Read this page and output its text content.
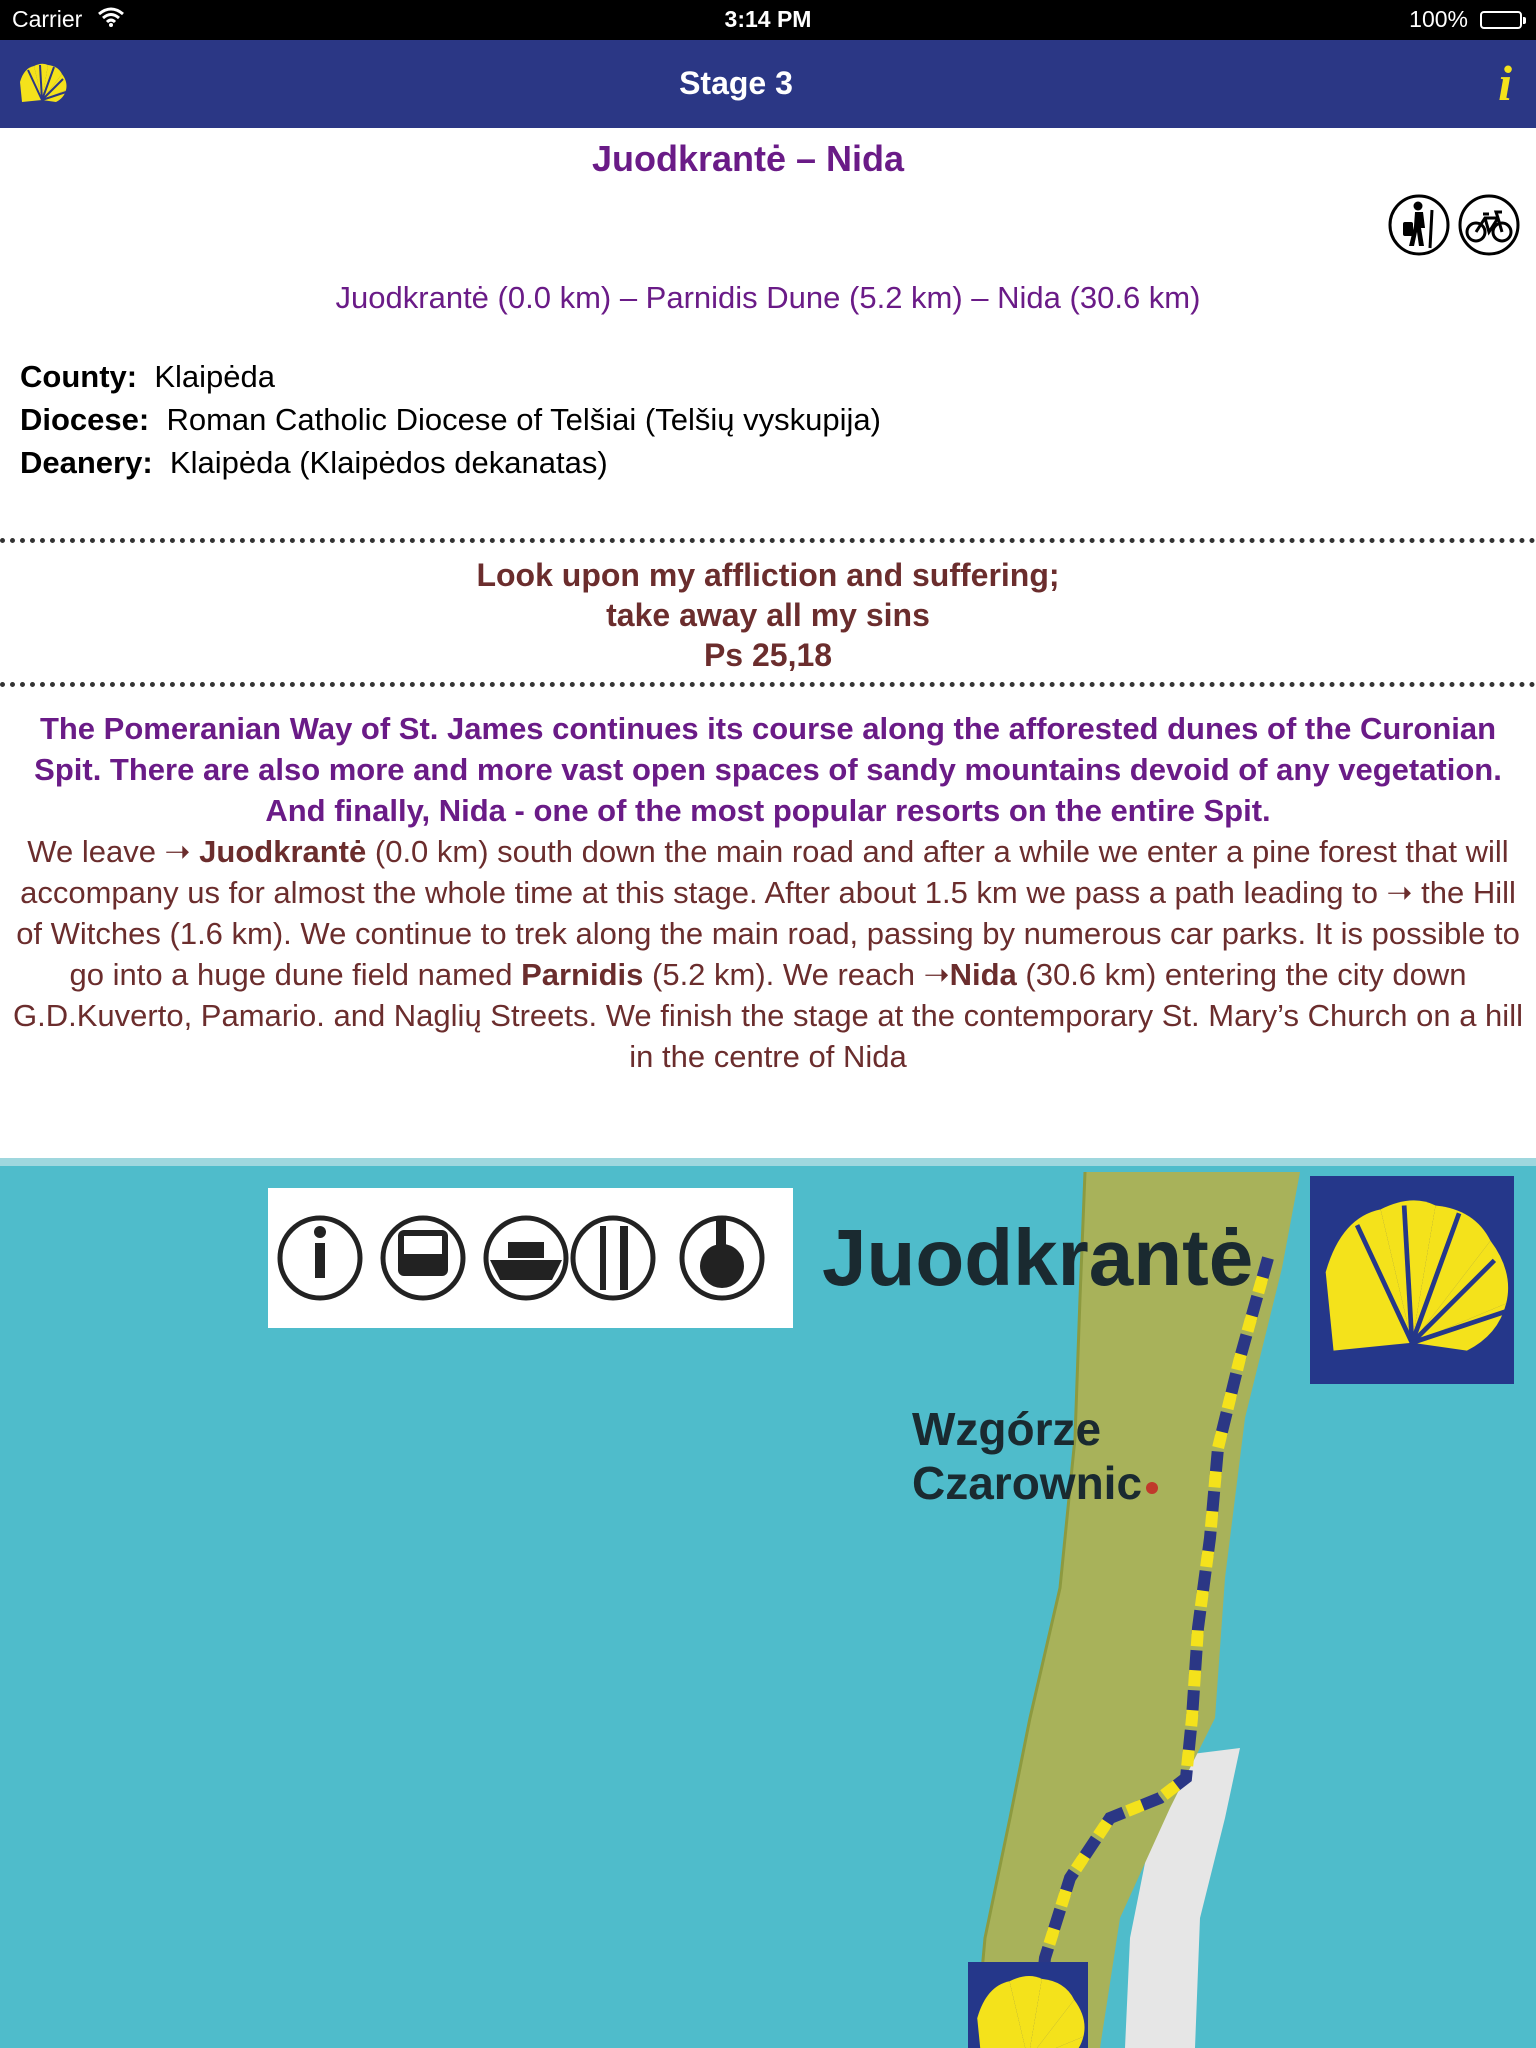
Carrier	3:14 PM	100%
Stage 3	i
Juodkrantė – Nida

Juodkrantė (0.0 km) – Parnidis Dune (5.2 km) – Nida (30.6 km)
County: Klaipėda
Diocese: Roman Catholic Diocese of Telšiai (Telšių vyskupija)
Deanery: Klaipėda (Klaipėdos dekanatas)
Look upon my affliction and suffering;
take away all my sins
Ps 25,18
The Pomeranian Way of St. James continues its course along the afforested dunes of the Curonian Spit. There are also more and more vast open spaces of sandy mountains devoid of any vegetation. And finally, Nida - one of the most popular resorts on the entire Spit.
We leave ➝ Juodkrantė (0.0 km) south down the main road and after a while we enter a pine forest that will accompany us for almost the whole time at this stage. After about 1.5 km we pass a path leading to ➝ the Hill of Witches (1.6 km). We continue to trek along the main road, passing by numerous car parks. It is possible to go into a huge dune field named Parnidis (5.2 km). We reach ➝Nida (30.6 km) entering the city down G.D.Kuverto, Pamario. and Naglių Streets. We finish the stage at the contemporary St. Mary’s Church on a hill in the centre of Nida
Juodkrantė
Wzgórze
Czarownic
